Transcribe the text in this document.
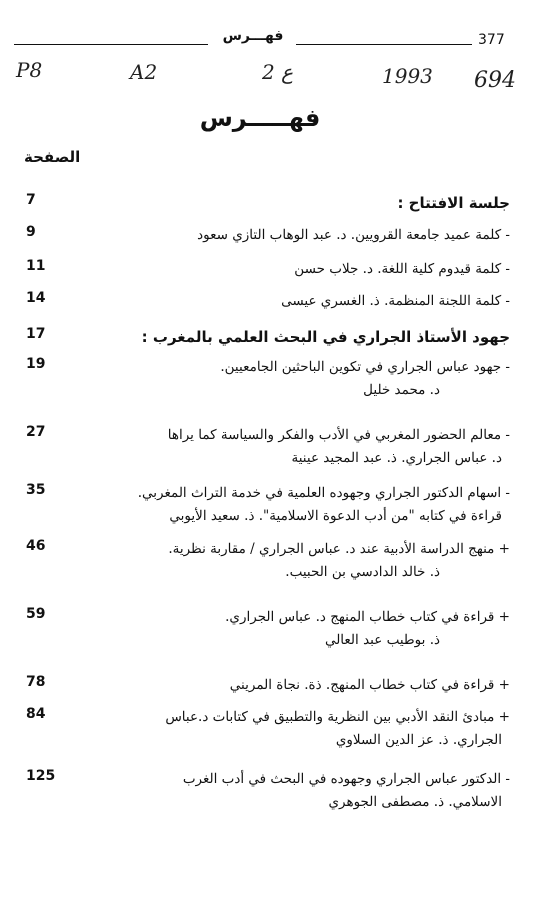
فهـــرس	377
P8	A2	ع 2	1993 694
فهـــــرس
الصفحة
7	جلسة الافتتاح :
9	- كلمة عميد جامعة القرويين. د. عبد الوهاب التازي سعود
11	- كلمة قيدوم كلية اللغة. د. جلاب حسن
14	- كلمة اللجنة المنظمة. ذ. الغسري عيسى
17	جهود الأستاذ الجراري في البحث العلمي بالمغرب :
19	- جهود عباس الجراري في تكوين الباحثين الجامعيين.
د. محمد خليل
27	- معالم الحضور المغربي في الأدب والفكر والسياسة كما يراها
د. عباس الجراري. ذ. عبد المجيد عينية
35	- اسهام الدكتور الجراري وجهوده العلمية في خدمة التراث المغربي.
قراءة في كتابه "من أدب الدعوة الاسلامية". ذ. سعيد الأيوبي
46	+ منهج الدراسة الأدبية عند د. عباس الجراري / مقاربة نظرية.
ذ. خالد الدادسي بن الحبيب.
59	+ قراءة في كتاب خطاب المنهج د. عباس الجراري.
ذ. بوطيب عبد العالي
78	+ قراءة في كتاب خطاب المنهج. ذة. نجاة المريني
84	+ مبادئ النقد الأدبي بين النظرية والتطبيق في كتابات د.عباس
الجراري. ذ. عز الدين السلاوي
125	- الدكتور عباس الجراري وجهوده في البحث في أدب الغرب
الاسلامي. ذ. مصطفى الجوهري
